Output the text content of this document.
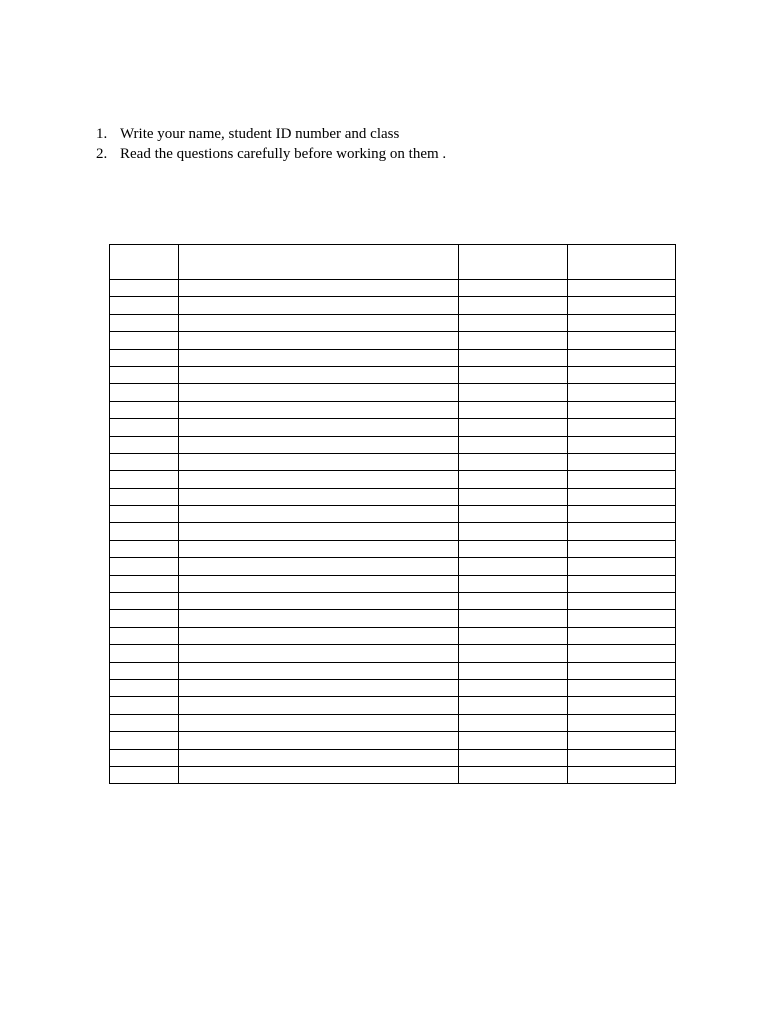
1. Write your name, student ID number and class
2. Read the questions carefully before working on them .
